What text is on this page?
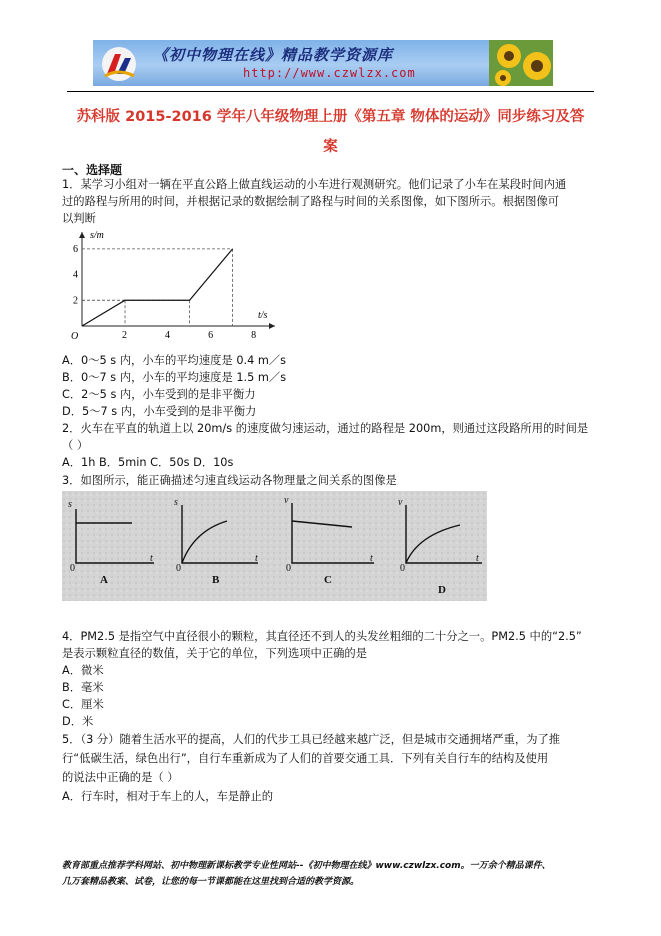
《初中物理在线》精品教学资源库
http://www.czwlzx.com
苏科版 2015-2016 学年八年级物理上册《第五章 物体的运动》同步练习及答
案
一、选择题
1．某学习小组对一辆在平直公路上做直线运动的小车进行观测研究。他们记录了小车在某段时间内通
过的路程与所用的时间，并根据记录的数据绘制了路程与时间的关系图像，如下图所示。根据图像可
以判断
s/m
t/s
O	2	4	6	8
2
4
6
A．0～5 s 内，小车的平均速度是 0.4 m／s
B．0～7 s 内，小车的平均速度是 1.5 m／s
C．2～5 s 内，小车受到的是非平衡力
D．5～7 s 内，小车受到的是非平衡力
2．火车在平直的轨道上以 20m/s 的速度做匀速运动，通过的路程是 200m，则通过这段路所用的时间是
（ ）
A．1h B．5min C．50s D．10s
3．如图所示，能正确描述匀速直线运动各物理量之间关系的图像是
s
t
0
A
s
t
0
B
v
t
0
C
v
t
0
D
4．PM2.5 是指空气中直径很小的颗粒，其直径还不到人的头发丝粗细的二十分之一。PM2.5 中的“2.5”
是表示颗粒直径的数值，关于它的单位，下列选项中正确的是
A．微米
B．毫米
C．厘米
D．米
5．（3 分）随着生活水平的提高，人们的代步工具已经越来越广泛，但是城市交通拥堵严重，为了推
行“低碳生活，绿色出行”，自行车重新成为了人们的首要交通工具．下列有关自行车的结构及使用
的说法中正确的是（ ）
A．行车时，相对于车上的人，车是静止的
教育部重点推荐学科网站、初中物理新课标教学专业性网站--《初中物理在线》www.czwlzx.com。一万余个精品课件、
几万套精品教案、试卷，让您的每一节课都能在这里找到合适的教学资源。
